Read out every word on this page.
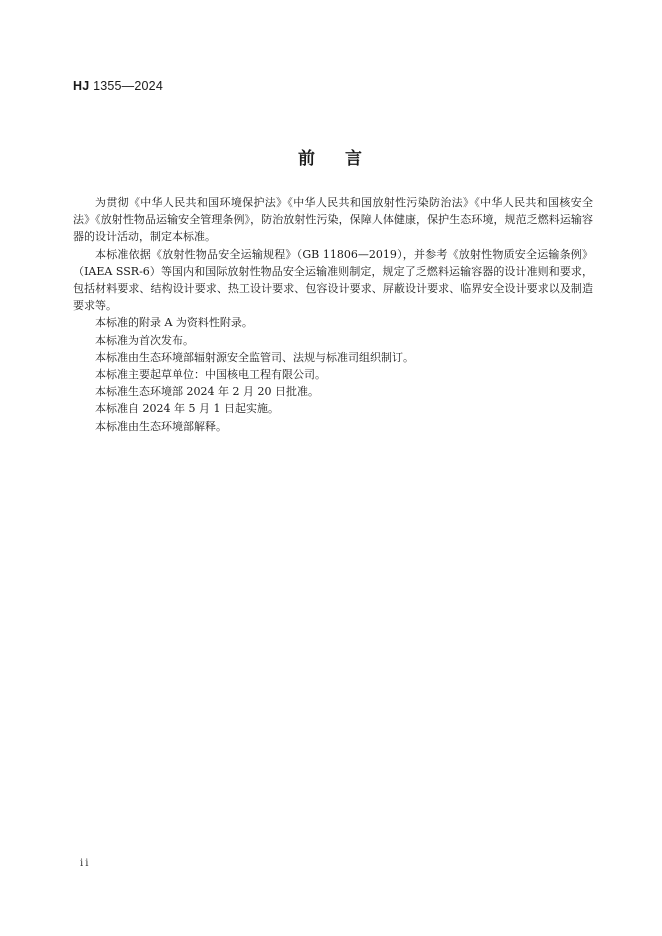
HJ 1355—2024
前 言

为贯彻《中华人民共和国环境保护法》《中华人民共和国放射性污染防治法》《中华人民共和国核安全法》《放射性物品运输安全管理条例》，防治放射性污染，保障人体健康，保护生态环境，规范乏燃料运输容器的设计活动，制定本标准。

本标准依据《放射性物品安全运输规程》（GB 11806—2019），并参考《放射性物质安全运输条例》（IAEA SSR-6）等国内和国际放射性物品安全运输准则制定，规定了乏燃料运输容器的设计准则和要求，包括材料要求、结构设计要求、热工设计要求、包容设计要求、屏蔽设计要求、临界安全设计要求以及制造要求等。

本标准的附录 A 为资料性附录。

本标准为首次发布。

本标准由生态环境部辐射源安全监管司、法规与标准司组织制订。

本标准主要起草单位：中国核电工程有限公司。

本标准生态环境部 2024 年 2 月 20 日批准。

本标准自 2024 年 5 月 1 日起实施。

本标准由生态环境部解释。

ii
